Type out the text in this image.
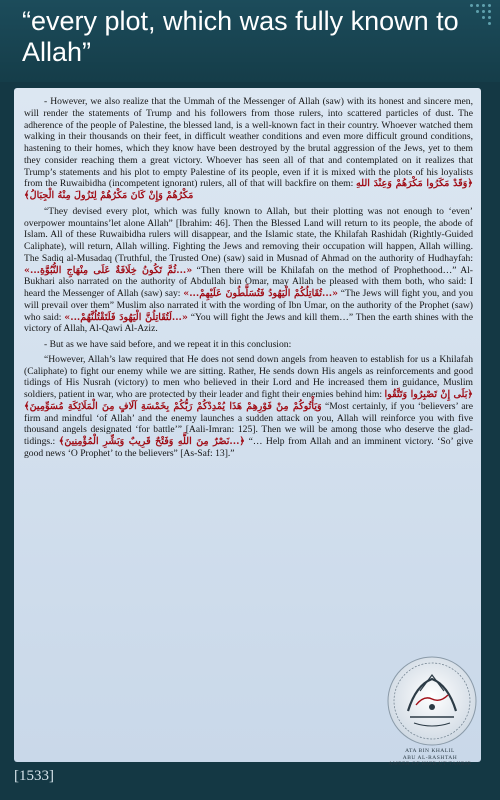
“every plot, which was fully known to Allah”

- However, we also realize that the Ummah of the Messenger of Allah (saw) with its honest and sincere men, will render the statements of Trump and his followers from those rulers, into scattered particles of dust. The adherence of the people of Palestine, the blessed land, is a well-known fact in their country. Whoever watched them walking in their thousands on their feet, in difficult weather conditions and even more difficult ground conditions, hastening to their homes, which they know have been destroyed by the brutal aggression of the Jews, yet to them they consider reaching them a great victory. Whoever has seen all of that and contemplated on it realizes that Trump’s statements and his plot to empty Palestine of its people, even if it is mixed with the plots of his loyalists from the Ruwaibidha (incompetent ignorant) rulers, all of that will backfire on them: ﴿وَقَدْ مَكَرُوا مَكْرَهُمْ وَعِنْدَ اللهِ مَكْرُهُمْ وَإِنْ كَانَ مَكْرُهُمْ لِتَزُولَ مِنْهُ الْجِبَالُ﴾

“They devised every plot, which was fully known to Allah, but their plotting was not enough to ‘even’ overpower mountains’let alone Allah” [Ibrahim: 46]. Then the Blessed Land will return to its people, the abode of Islam. All of these Ruwaibidha rulers will disappear, and the Islamic state, the Khilafah Rashidah (Rightly-Guided Caliphate), will return, Allah willing. Fighting the Jews and removing their occupation will happen, Allah willing. The Sadiq al-Musadaq (Truthful, the Trusted One) (saw) said in Musnad of Ahmad on the authority of Hudhayfah: «...ثُمَّ تَكُونُ خِلَافَةٌ عَلَى مِنْهَاجِ النُّبُوَّةِ...» “Then there will be Khilafah on the method of Prophethood…” Al-Bukhari also narrated on the authority of Abdullah bin Omar, may Allah be pleased with them both, who said: I heard the Messenger of Allah (saw) say: «...تُقَاتِلُكُمْ الْيَهُودُ فَتُسَلَّطُونَ عَلَيْهِمْ...» “The Jews will fight you, and you will prevail over them” Muslim also narrated it with the wording of Ibn Umar, on the authority of the Prophet (saw) who said: «...لَتُقَاتِلُنَّ الْيَهُودَ فَلَتَقْتُلُنَّهُمْ...» “You will fight the Jews and kill them…” Then the earth shines with the victory of Allah, Al-Qawi Al-Aziz.

- But as we have said before, and we repeat it in this conclusion:

“However, Allah’s law required that He does not send down angels from heaven to establish for us a Khilafah (Caliphate) to fight our enemy while we are sitting. Rather, He sends down His angels as reinforcements and good tidings of His Nusrah (victory) to men who believed in their Lord and He increased them in guidance, Muslim soldiers, patient in war, who are protected by their leader and fight their enemies behind him: ﴿بَلَى إِنْ تَصْبِرُوا وَتَتَّقُوا وَيَأْتُوكُمْ مِنْ فَوْرِهِمْ هَذَا يُمْدِدْكُمْ رَبُّكُمْ بِخَمْسَةِ آلَافٍ مِنَ الْمَلَائِكَةِ مُسَوِّمِينَ﴾ “Most certainly, if you ‘believers’ are firm and mindful ‘of Allah’ and the enemy launches a sudden attack on you, Allah will reinforce you with five thousand angels designated ‘for battle’” [Aali-Imran: 125]. Then we will be among those who deserve the glad-tidings.: ﴿...نَصْرٌ مِنَ اللَّهِ وَفَتْحٌ قَرِيبٌ وَبَشِّرِ الْمُؤْمِنِينَ﴾ “… Help from Allah and an imminent victory. ‘So’ give good news ‘O Prophet’ to the believers” [As-Saf: 13].”

ATA BIN KHALIL
ABU AL-RASHTAH
AMEER OF HIZB UT TAHRIR
[1533]
